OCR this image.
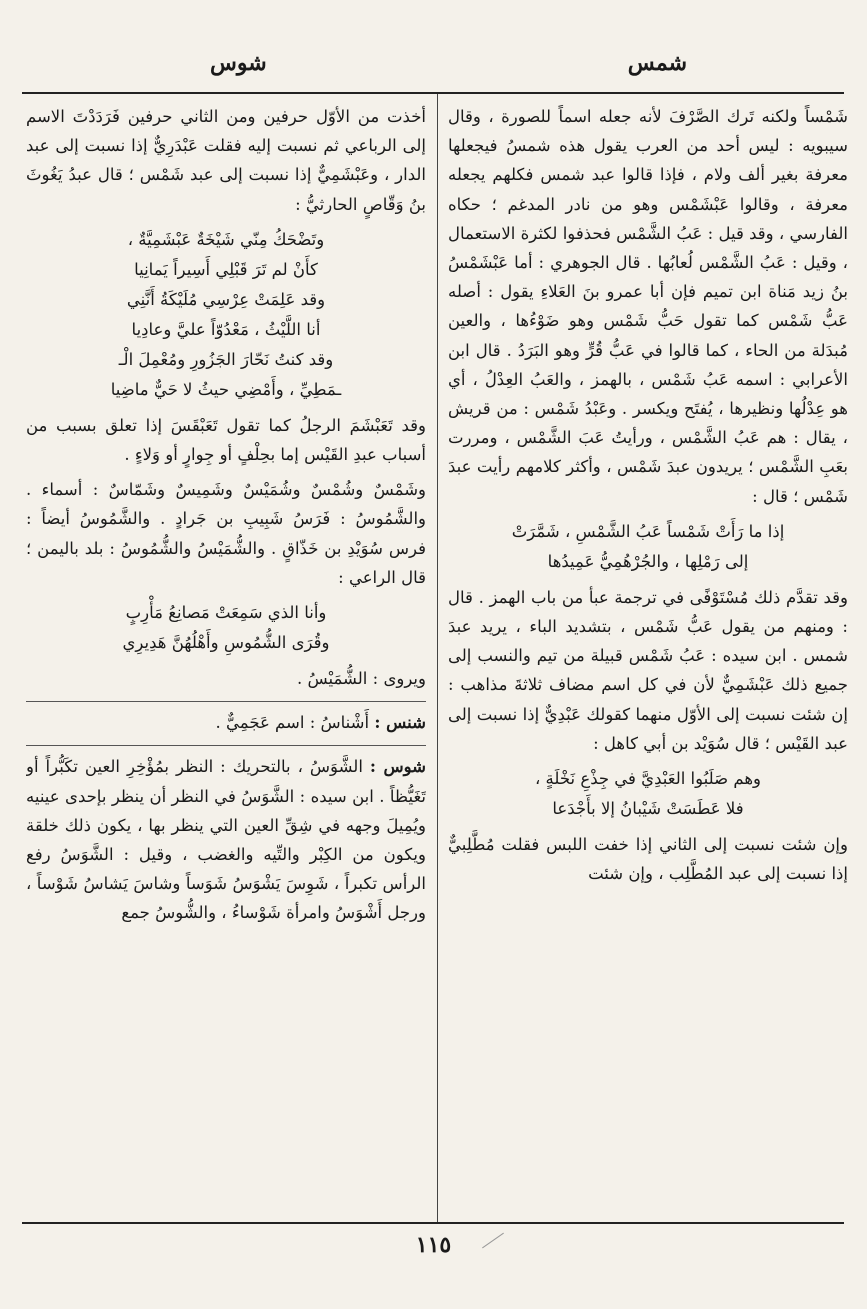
شمس
شوس

شَمْساً ولكنه تَرك الصَّرْفَ لأنه جعله اسماً للصورة ، وقال سيبويه : ليس أحد من العرب يقول هذه شمسُ فيجعلها معرفة بغير ألف ولام ، فإذا قالوا عبد شمس فكلهم يجعله معرفة ، وقالوا عَبْشَمْس وهو من نادر المدغم ؛ حكاه الفارسي ، وقد قيل : عَبُ الشَّمْس فحذفوا لكثرة الاستعمال ، وقيل : عَبُ الشَّمْس لُعابُها . قال الجوهري : أما عَبْشَمْسُ بنُ زيد مَناة ابن تميم فإن أبا عمرو بنَ العَلاءِ يقول : أصله عَبُّ شَمْس كما تقول حَبُّ شَمْس وهو ضَوْءُها ، والعين مُبدَلة من الحاء ، كما قالوا في عَبُّ قُرٍّ وهو البَرَدُ . قال ابن الأعرابي : اسمه عَبُ شَمْس ، بالهمز ، والعَبُ العِدْلُ ، أي هو عِدْلُها ونظيرها ، يُفتَح ويكسر . وعَبْدُ شَمْس : من قريش ، يقال : هم عَبُ الشَّمْس ، ورأيتُ عَبَ الشَّمْس ، ومررت بعَبِ الشَّمْس ؛ يريدون عبدَ شَمْس ، وأكثر كلامهم رأيت عبدَ شَمْس ؛ قال :

إذا ما رَأَتْ شَمْساً عَبُ الشَّمْسِ ، شَمَّرَتْ
إلى رَمْلِها ، والجُرْهُمِيُّ عَمِيدُها

وقد تقدَّم ذلك مُسْتَوْفًى في ترجمة عبأ من باب الهمز . قال : ومنهم من يقول عَبُّ شَمْس ، بتشديد الباء ، يريد عبدَ شمس . ابن سيده : عَبُ شَمْس قبيلة من تيم والنسب إلى جميع ذلك عَبْشَمِيٌّ لأن في كل اسم مضاف ثلاثةَ مذاهب : إن شئت نسبت إلى الأوّل منهما كقولك عَبْدِيٌّ إذا نسبت إلى عبد القَيْس ؛ قال سُوَيْد بن أبي كاهل :

وهم صَلَبُوا العَبْدِيَّ في جِذْعِ نَخْلَةٍ ،
فلا عَطَسَتْ شَيْبانُ إلا بأَجْدَعا

وإن شئت نسبت إلى الثاني إذا خفت اللبس فقلت مُطَّلِبيٌّ إذا نسبت إلى عبد المُطَّلِب ، وإن شئت

أخذت من الأوّل حرفين ومن الثاني حرفين فَرَدَدْتَ الاسم إلى الرباعي ثم نسبت إليه فقلت عَبْدَرِيٌّ إذا نسبت إلى عبد الدار ، وعَبْشَمِيٌّ إذا نسبت إلى عبد شَمْس ؛ قال عبدُ يَغُوثَ بنُ وَقّاصٍ الحارثيُّ :

وتَضْحَكُ مِنّي شَيْخَةٌ عَبْشَمِيَّةٌ ،
كأَنْ لم تَرَ قَبْلِي أَسِيراً يَمانِيا
وقد عَلِمَتْ عِرْسِي مُلَيْكَةُ أَنَّنِي
أنا اللَّيْثُ ، مَعْدُوّاً عليَّ وعادِيا
وقد كنتُ نَحّارَ الجَزُورِ ومُعْمِلَ الْـ
ـمَطِيِّ ، وأَمْضِي حيثُ لا حَيٌّ ماضِيا

وقد تَعَبْشَمَ الرجلُ كما تقول تَعَبْقَسَ إذا تعلق بسبب من أسباب عبدِ القَيْس إما بحِلْفٍ أو جِوارٍ أو وَلاءٍ .

وشَمْسٌ وشُمْسٌ وشُمَيْسٌ وشَمِيسٌ وشَمّاسٌ : أسماء . والشَّمُوسُ : فَرَسُ شَبِيبِ بن جَرادٍ . والشَّمُوسُ أيضاً : فرس سُوَيْدِ بن خَذّاقٍ . والشُّمَيْسُ والشُّمُوسُ : بلد باليمن ؛ قال الراعي :

وأنا الذي سَمِعَتْ مَصانِعُ مَأْرِبٍ
وقُرَى الشُّمُوسِ وأَهْلُهُنَّ هَدِيرِي

ويروى : الشُّمَيْسُ .

شنس : أَشْناسُ : اسم عَجَمِيٌّ .

شوس : الشَّوَسُ ، بالتحريك : النظر بمُؤْخِرِ العين تكَبُّراً أو تَغَيُّظاً . ابن سيده : الشَّوَسُ في النظر أن ينظر بإحدى عينيه ويُمِيلَ وجهه في شِقِّ العين التي ينظر بها ، يكون ذلك خلقة ويكون من الكِبْر والتِّيه والغضب ، وقيل : الشَّوَسُ رفع الرأس تكبراً ، شَوِسَ يَشْوَسُ شَوَساً وشاسَ يَشاسُ شَوْساً ، ورجل أَشْوَسُ وامرأة شَوْساءُ ، والشُّوسُ جمع

١١٥
